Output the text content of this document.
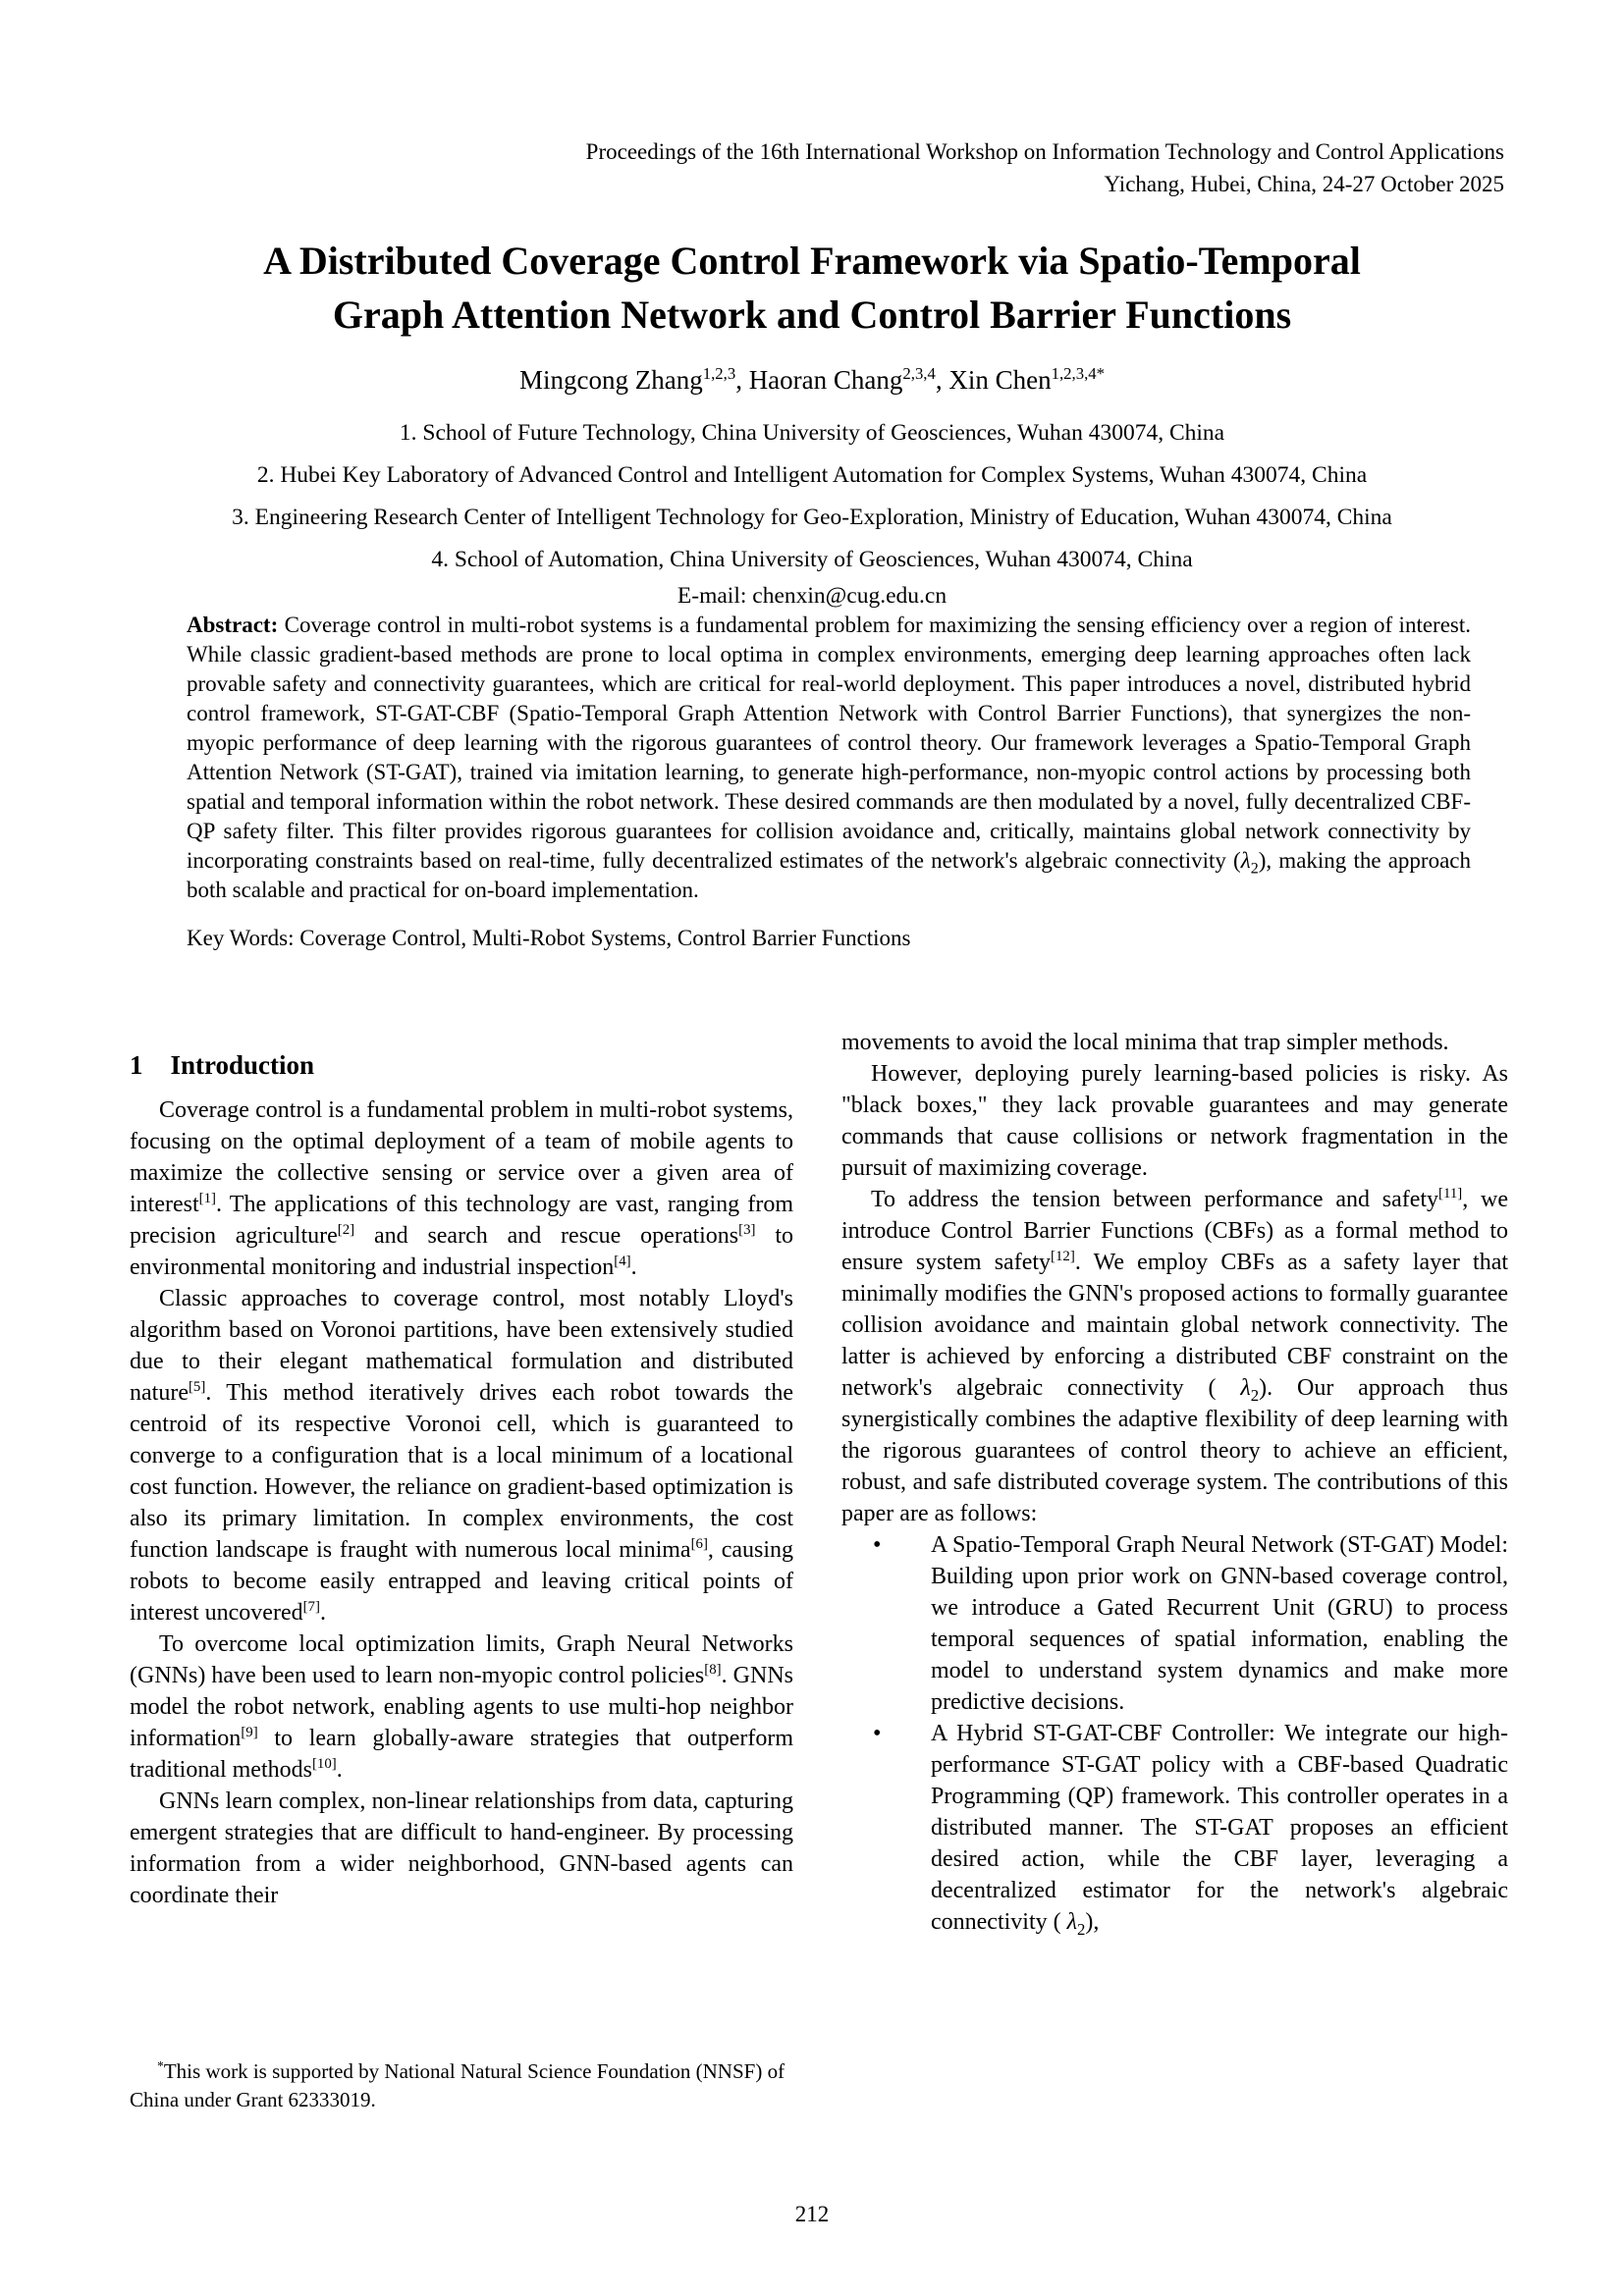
Proceedings of the 16th International Workshop on Information Technology and Control Applications
Yichang, Hubei, China, 24-27 October 2025
A Distributed Coverage Control Framework via Spatio-Temporal
Graph Attention Network and Control Barrier Functions
Mingcong Zhang$^{1,2,3}$, Haoran Chang$^{2,3,4}$, Xin Chen$^{1,2,3,4*}$
1. School of Future Technology, China University of Geosciences, Wuhan 430074, China
2. Hubei Key Laboratory of Advanced Control and Intelligent Automation for Complex Systems, Wuhan 430074, China
3. Engineering Research Center of Intelligent Technology for Geo-Exploration, Ministry of Education, Wuhan 430074, China
4. School of Automation, China University of Geosciences, Wuhan 430074, China
E-mail: chenxin@cug.edu.cn
Abstract: Coverage control in multi-robot systems is a fundamental problem for maximizing the sensing efficiency over a region of interest. While classic gradient-based methods are prone to local optima in complex environments, emerging deep learning approaches often lack provable safety and connectivity guarantees, which are critical for real-world deployment. This paper introduces a novel, distributed hybrid control framework, ST-GAT-CBF (Spatio-Temporal Graph Attention Network with Control Barrier Functions), that synergizes the non-myopic performance of deep learning with the rigorous guarantees of control theory. Our framework leverages a Spatio-Temporal Graph Attention Network (ST-GAT), trained via imitation learning, to generate high-performance, non-myopic control actions by processing both spatial and temporal information within the robot network. These desired commands are then modulated by a novel, fully decentralized CBF-QP safety filter. This filter provides rigorous guarantees for collision avoidance and, critically, maintains global network connectivity by incorporating constraints based on real-time, fully decentralized estimates of the network's algebraic connectivity $(\lambda_2)$, making the approach both scalable and practical for on-board implementation.
Key Words: Coverage Control, Multi-Robot Systems, Control Barrier Functions
1 Introduction

Coverage control is a fundamental problem in multi-robot systems, focusing on the optimal deployment of a team of mobile agents to maximize the collective sensing or service over a given area of interest[1]. The applications of this technology are vast, ranging from precision agriculture[2] and search and rescue operations[3] to environmental monitoring and industrial inspection[4].

Classic approaches to coverage control, most notably Lloyd's algorithm based on Voronoi partitions, have been extensively studied due to their elegant mathematical formulation and distributed nature[5]. This method iteratively drives each robot towards the centroid of its respective Voronoi cell, which is guaranteed to converge to a configuration that is a local minimum of a locational cost function. However, the reliance on gradient-based optimization is also its primary limitation. In complex environments, the cost function landscape is fraught with numerous local minima[6], causing robots to become easily entrapped and leaving critical points of interest uncovered[7].

To overcome local optimization limits, Graph Neural Networks (GNNs) have been used to learn non-myopic control policies[8]. GNNs model the robot network, enabling agents to use multi-hop neighbor information[9] to learn globally-aware strategies that outperform traditional methods[10].

GNNs learn complex, non-linear relationships from data, capturing emergent strategies that are difficult to hand-engineer. By processing information from a wider neighborhood, GNN-based agents can coordinate their

movements to avoid the local minima that trap simpler methods.

However, deploying purely learning-based policies is risky. As "black boxes," they lack provable guarantees and may generate commands that cause collisions or network fragmentation in the pursuit of maximizing coverage.

To address the tension between performance and safety[11], we introduce Control Barrier Functions (CBFs) as a formal method to ensure system safety[12]. We employ CBFs as a safety layer that minimally modifies the GNN's proposed actions to formally guarantee collision avoidance and maintain global network connectivity. The latter is achieved by enforcing a distributed CBF constraint on the network's algebraic connectivity ( $\lambda_2$). Our approach thus synergistically combines the adaptive flexibility of deep learning with the rigorous guarantees of control theory to achieve an efficient, robust, and safe distributed coverage system. The contributions of this paper are as follows:

• A Spatio-Temporal Graph Neural Network (ST-GAT) Model: Building upon prior work on GNN-based coverage control, we introduce a Gated Recurrent Unit (GRU) to process temporal sequences of spatial information, enabling the model to understand system dynamics and make more predictive decisions.
• A Hybrid ST-GAT-CBF Controller: We integrate our high-performance ST-GAT policy with a CBF-based Quadratic Programming (QP) framework. This controller operates in a distributed manner. The ST-GAT proposes an efficient desired action, while the CBF layer, leveraging a decentralized estimator for the network's algebraic connectivity ( $\lambda_2$),
*This work is supported by National Natural Science Foundation (NNSF) of China under Grant 62333019.
212
